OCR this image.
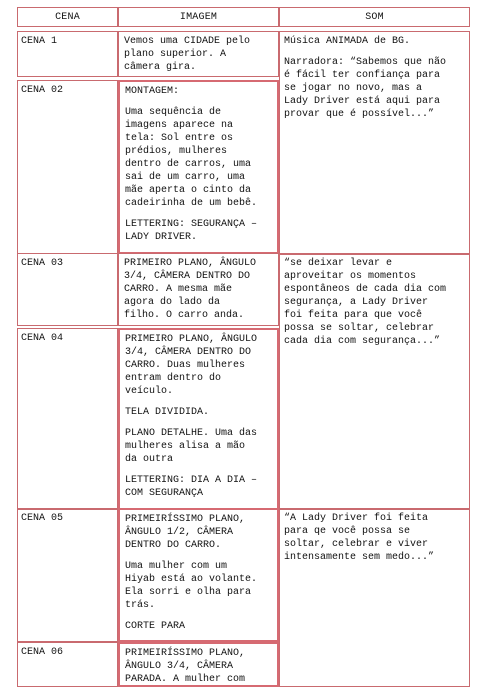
CENA	IMAGEM	SOM

CENA 1

CENA 02

CENA 03

CENA 04

CENA 05

CENA 06

Vemos uma CIDADE pelo
plano superior. A
câmera gira.

MONTAGEM:

Uma sequência de
imagens aparece na
tela: Sol entre os
prédios, mulheres
dentro de carros, uma
sai de um carro, uma
mãe aperta o cinto da
cadeirinha de um bebê.

LETTERING: SEGURANÇA –
LADY DRIVER.

PRIMEIRO PLANO, ÂNGULO
3/4, CÂMERA DENTRO DO
CARRO. A mesma mãe
agora do lado da
filho. O carro anda.

PRIMEIRO PLANO, ÂNGULO
3/4, CÂMERA DENTRO DO
CARRO. Duas mulheres
entram dentro do
veículo.

TELA DIVIDIDA.

PLANO DETALHE. Uma das
mulheres alisa a mão
da outra

LETTERING: DIA A DIA –
COM SEGURANÇA

PRIMEIRÍSSIMO PLANO,
ÂNGULO 1/2, CÂMERA
DENTRO DO CARRO.

Uma mulher com um
Hiyab está ao volante.
Ela sorri e olha para
trás.

CORTE PARA

PRIMEIRÍSSIMO PLANO,
ÂNGULO 3/4, CÂMERA
PARADA. A mulher com

Música ANIMADA de BG.

Narradora: “Sabemos que não
é fácil ter confiança para
se jogar no novo, mas a
Lady Driver está aqui para
provar que é possível...”

“se deixar levar e
aproveitar os momentos
espontâneos de cada dia com
segurança, a Lady Driver
foi feita para que você
possa se soltar, celebrar
cada dia com segurança...”

“A Lady Driver foi feita
para qe você possa se
soltar, celebrar e viver
intensamente sem medo...”
